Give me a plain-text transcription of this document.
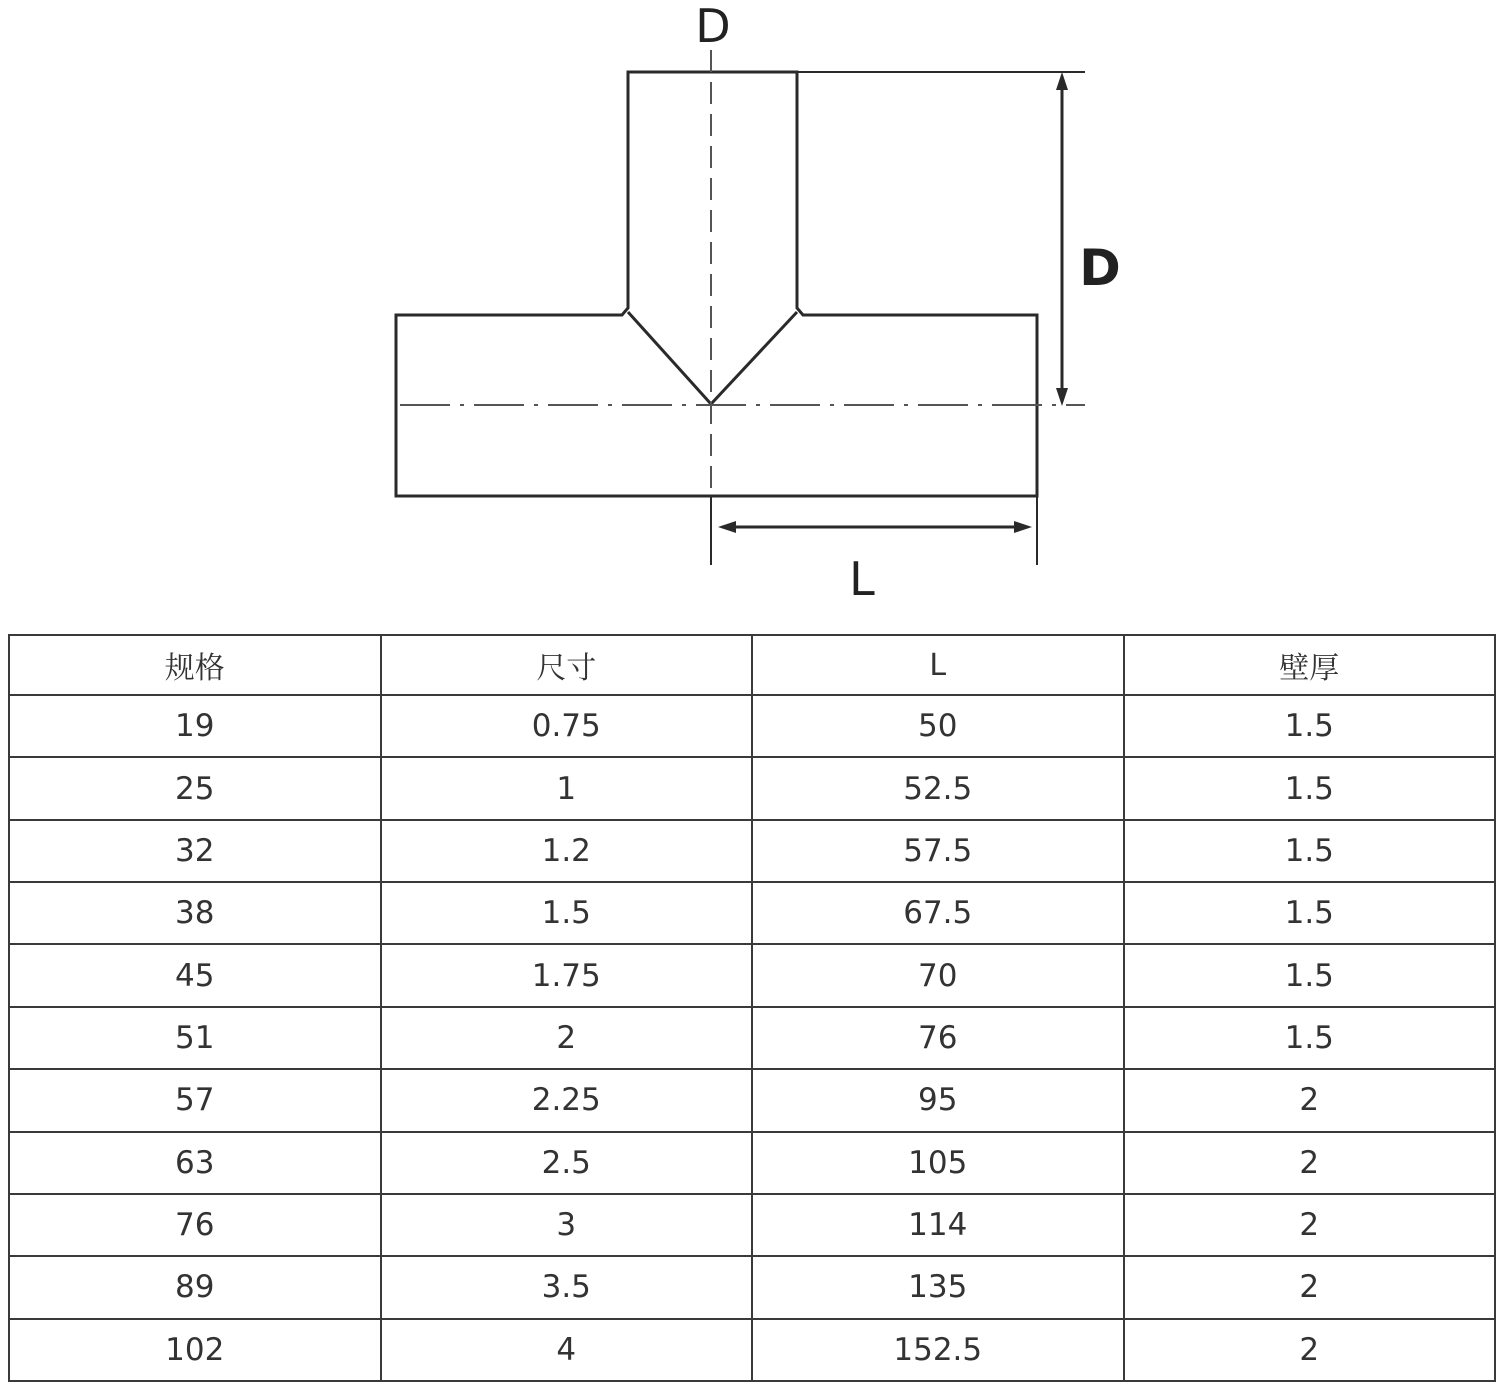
D
D
L
规格	尺寸	L	壁厚
19	0.75	50	1.5
25	1	52.5	1.5
32	1.2	57.5	1.5
38	1.5	67.5	1.5
45	1.75	70	1.5
51	2	76	1.5
57	2.25	95	2
63	2.5	105	2
76	3	114	2
89	3.5	135	2
102	4	152.5	2
